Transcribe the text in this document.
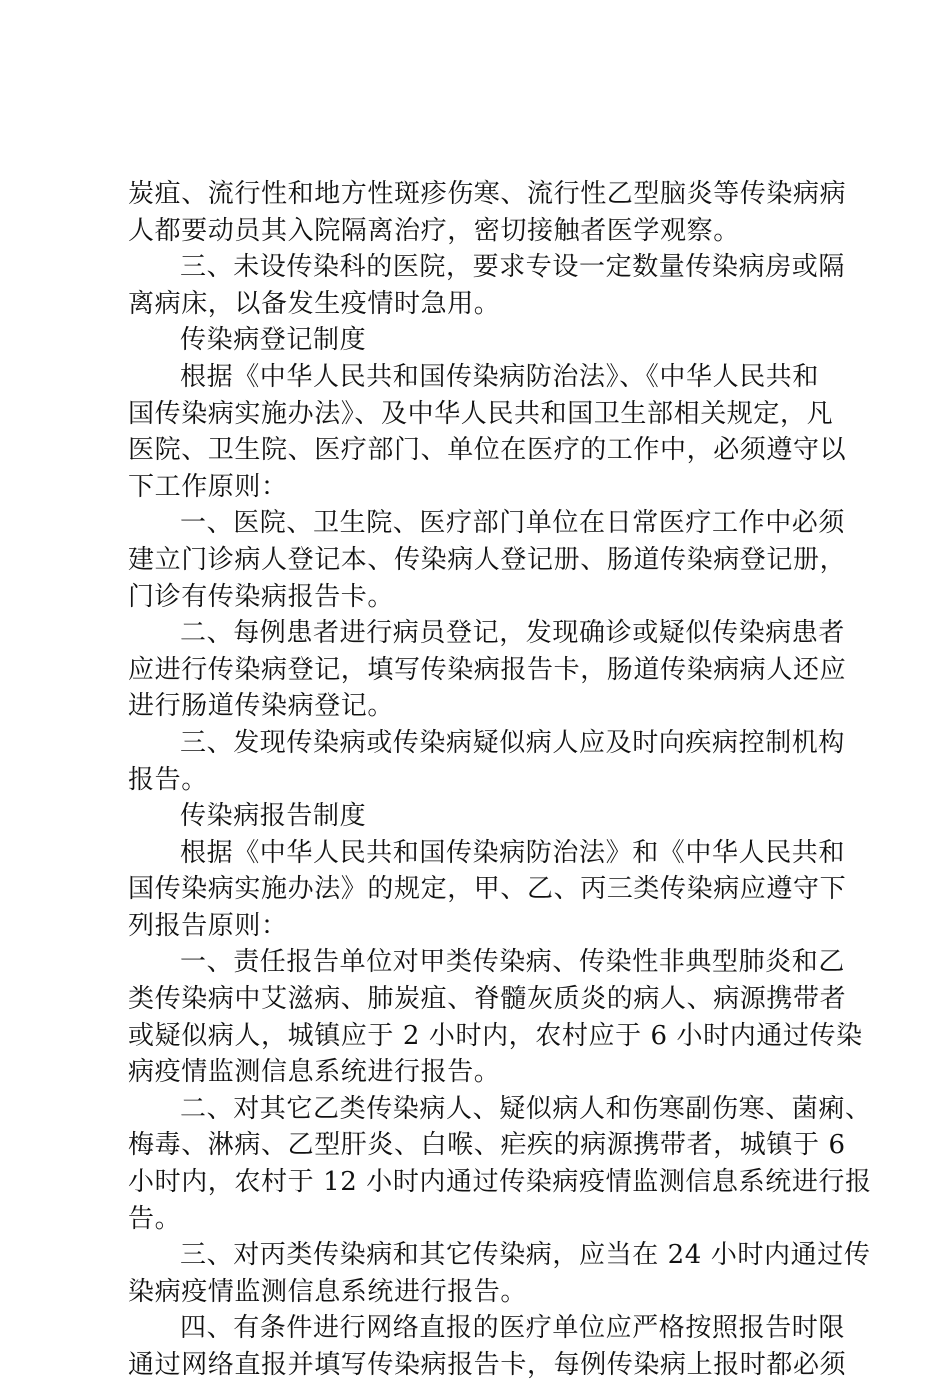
炭疽、流行性和地方性斑疹伤寒、流行性乙型脑炎等传染病病
人都要动员其入院隔离治疗，密切接触者医学观察。
三、未设传染科的医院，要求专设一定数量传染病房或隔
离病床，以备发生疫情时急用。
传染病登记制度
根据《中华人民共和国传染病防治法》、《中华人民共和
国传染病实施办法》、及中华人民共和国卫生部相关规定，凡
医院、卫生院、医疗部门、单位在医疗的工作中，必须遵守以
下工作原则：
一、医院、卫生院、医疗部门单位在日常医疗工作中必须
建立门诊病人登记本、传染病人登记册、肠道传染病登记册，
门诊有传染病报告卡。
二、每例患者进行病员登记，发现确诊或疑似传染病患者
应进行传染病登记，填写传染病报告卡，肠道传染病病人还应
进行肠道传染病登记。
三、发现传染病或传染病疑似病人应及时向疾病控制机构
报告。
传染病报告制度
根据《中华人民共和国传染病防治法》和《中华人民共和
国传染病实施办法》的规定，甲、乙、丙三类传染病应遵守下
列报告原则：
一、责任报告单位对甲类传染病、传染性非典型肺炎和乙
类传染病中艾滋病、肺炭疽、脊髓灰质炎的病人、病源携带者
或疑似病人，城镇应于 2 小时内，农村应于 6 小时内通过传染
病疫情监测信息系统进行报告。
二、对其它乙类传染病人、疑似病人和伤寒副伤寒、菌痢、
梅毒、淋病、乙型肝炎、白喉、疟疾的病源携带者，城镇于 6
小时内，农村于 12 小时内通过传染病疫情监测信息系统进行报
告。
三、对丙类传染病和其它传染病，应当在 24 小时内通过传
染病疫情监测信息系统进行报告。
四、有条件进行网络直报的医疗单位应严格按照报告时限
通过网络直报并填写传染病报告卡，每例传染病上报时都必须
